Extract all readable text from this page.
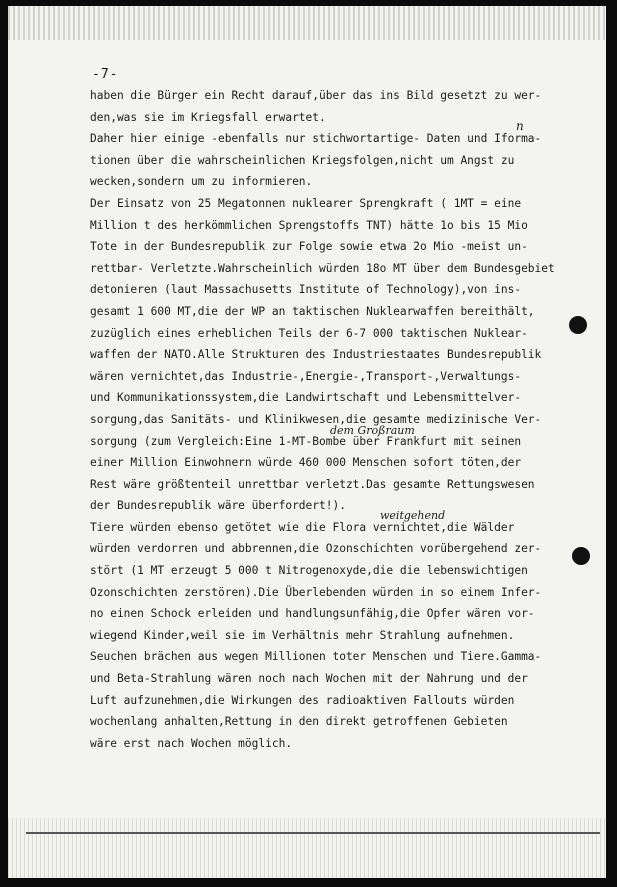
-7-
haben die Bürger ein Recht darauf,über das ins Bild gesetzt zu wer-
den,was sie im Kriegsfall erwartet.
Daher hier einige -ebenfalls nur stichwortartige- Daten und Iforma-
n
tionen über die wahrscheinlichen Kriegsfolgen,nicht um Angst zu
wecken,sondern um zu informieren.
Der Einsatz von 25 Megatonnen nuklearer Sprengkraft ( 1MT = eine
Million t des herkömmlichen Sprengstoffs TNT) hätte 1o bis 15 Mio
Tote in der Bundesrepublik zur Folge sowie etwa 2o Mio -meist un-
rettbar- Verletzte.Wahrscheinlich würden 18o MT über dem Bundesgebiet
detonieren (laut Massachusetts Institute of Technology),von ins-
gesamt 1 600 MT,die der WP an taktischen Nuklearwaffen bereithält,
zuzüglich eines erheblichen Teils der 6-7 000 taktischen Nuklear-
waffen der NATO.Alle Strukturen des Industriestaates Bundesrepublik
wären vernichtet,das Industrie-,Energie-,Transport-,Verwaltungs-
und Kommunikationssystem,die Landwirtschaft und Lebensmittelver-
sorgung,das Sanitäts- und Klinikwesen,die gesamte medizinische Ver-
sorgung (zum Vergleich:Eine 1-MT-Bombe über Frankfurt mit seinen
dem Großraum
einer Million Einwohnern würde 460 000 Menschen sofort töten,der
Rest wäre größtenteil unrettbar verletzt.Das gesamte Rettungswesen
der Bundesrepublik wäre überfordert!).
Tiere würden ebenso getötet wie die Flora vernichtet,die Wälder
weitgehend
würden verdorren und abbrennen,die Ozonschichten vorübergehend zer-
stört (1 MT erzeugt 5 000 t Nitrogenoxyde,die die lebenswichtigen
Ozonschichten zerstören).Die Überlebenden würden in so einem Infer-
no einen Schock erleiden und handlungsunfähig,die Opfer wären vor-
wiegend Kinder,weil sie im Verhältnis mehr Strahlung aufnehmen.
Seuchen brächen aus wegen Millionen toter Menschen und Tiere.Gamma-
und Beta-Strahlung wären noch nach Wochen mit der Nahrung und der
Luft aufzunehmen,die Wirkungen des radioaktiven Fallouts würden
wochenlang anhalten,Rettung in den direkt getroffenen Gebieten
wäre erst nach Wochen möglich.
